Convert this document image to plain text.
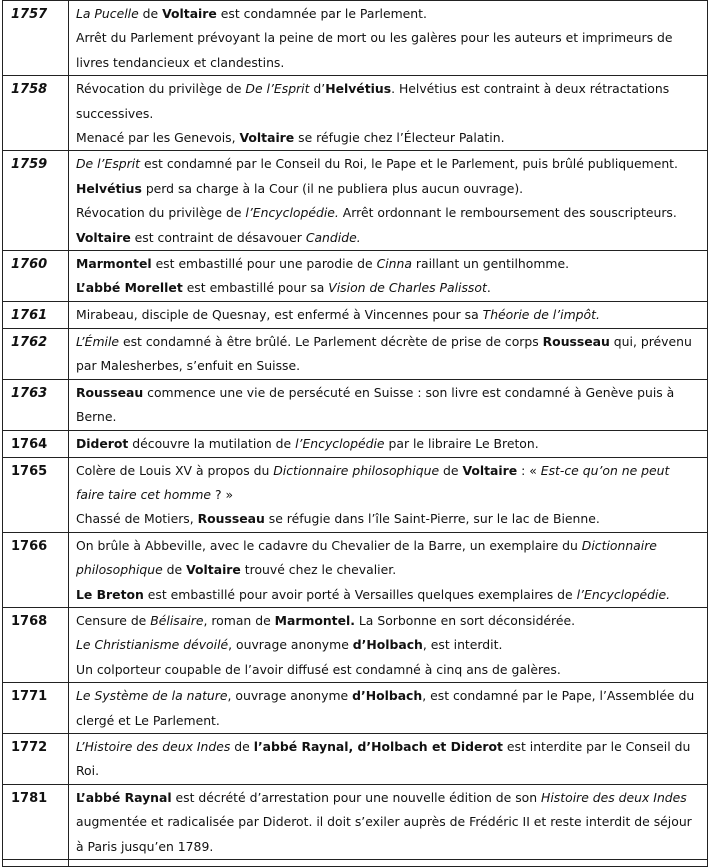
1757	La Pucelle de Voltaire est condamnée par le Parlement.

Arrêt du Parlement prévoyant la peine de mort ou les galères pour les auteurs et imprimeurs de livres tendancieux et clandestins.

1758	Révocation du privilège de De l’Esprit d’Helvétius. Helvétius est contraint à deux rétractations successives.

Menacé par les Genevois, Voltaire se réfugie chez l’Électeur Palatin.

1759	De l’Esprit est condamné par le Conseil du Roi, le Pape et le Parlement, puis brûlé publiquement. Helvétius perd sa charge à la Cour (il ne publiera plus aucun ouvrage).

Révocation du privilège de l’Encyclopédie. Arrêt ordonnant le remboursement des souscripteurs.

Voltaire est contraint de désavouer Candide.

1760	Marmontel est embastillé pour une parodie de Cinna raillant un gentilhomme.

L’abbé Morellet est embastillé pour sa Vision de Charles Palissot.

1761	Mirabeau, disciple de Quesnay, est enfermé à Vincennes pour sa Théorie de l’impôt.

1762	L’Émile est condamné à être brûlé. Le Parlement décrète de prise de corps Rousseau qui, prévenu par Malesherbes, s’enfuit en Suisse.

1763	Rousseau commence une vie de persécuté en Suisse : son livre est condamné à Genève puis à Berne.

1764	Diderot découvre la mutilation de l’Encyclopédie par le libraire Le Breton.

1765	Colère de Louis XV à propos du Dictionnaire philosophique de Voltaire : « Est-ce qu’on ne peut faire taire cet homme ? »

Chassé de Motiers, Rousseau se réfugie dans l’île Saint-Pierre, sur le lac de Bienne.

1766	On brûle à Abbeville, avec le cadavre du Chevalier de la Barre, un exemplaire du Dictionnaire philosophique de Voltaire trouvé chez le chevalier.

Le Breton est embastillé pour avoir porté à Versailles quelques exemplaires de l’Encyclopédie.

1768	Censure de Bélisaire, roman de Marmontel. La Sorbonne en sort déconsidérée.

Le Christianisme dévoilé, ouvrage anonyme d’Holbach, est interdit.

Un colporteur coupable de l’avoir diffusé est condamné à cinq ans de galères.

1771	Le Système de la nature, ouvrage anonyme d’Holbach, est condamné par le Pape, l’Assemblée du clergé et Le Parlement.

1772	L’Histoire des deux Indes de l’abbé Raynal, d’Holbach et Diderot est interdite par le Conseil du Roi.

1781	L’abbé Raynal est décrété d’arrestation pour une nouvelle édition de son Histoire des deux Indes augmentée et radicalisée par Diderot. il doit s’exiler auprès de Frédéric II et reste interdit de séjour à Paris jusqu’en 1789.
